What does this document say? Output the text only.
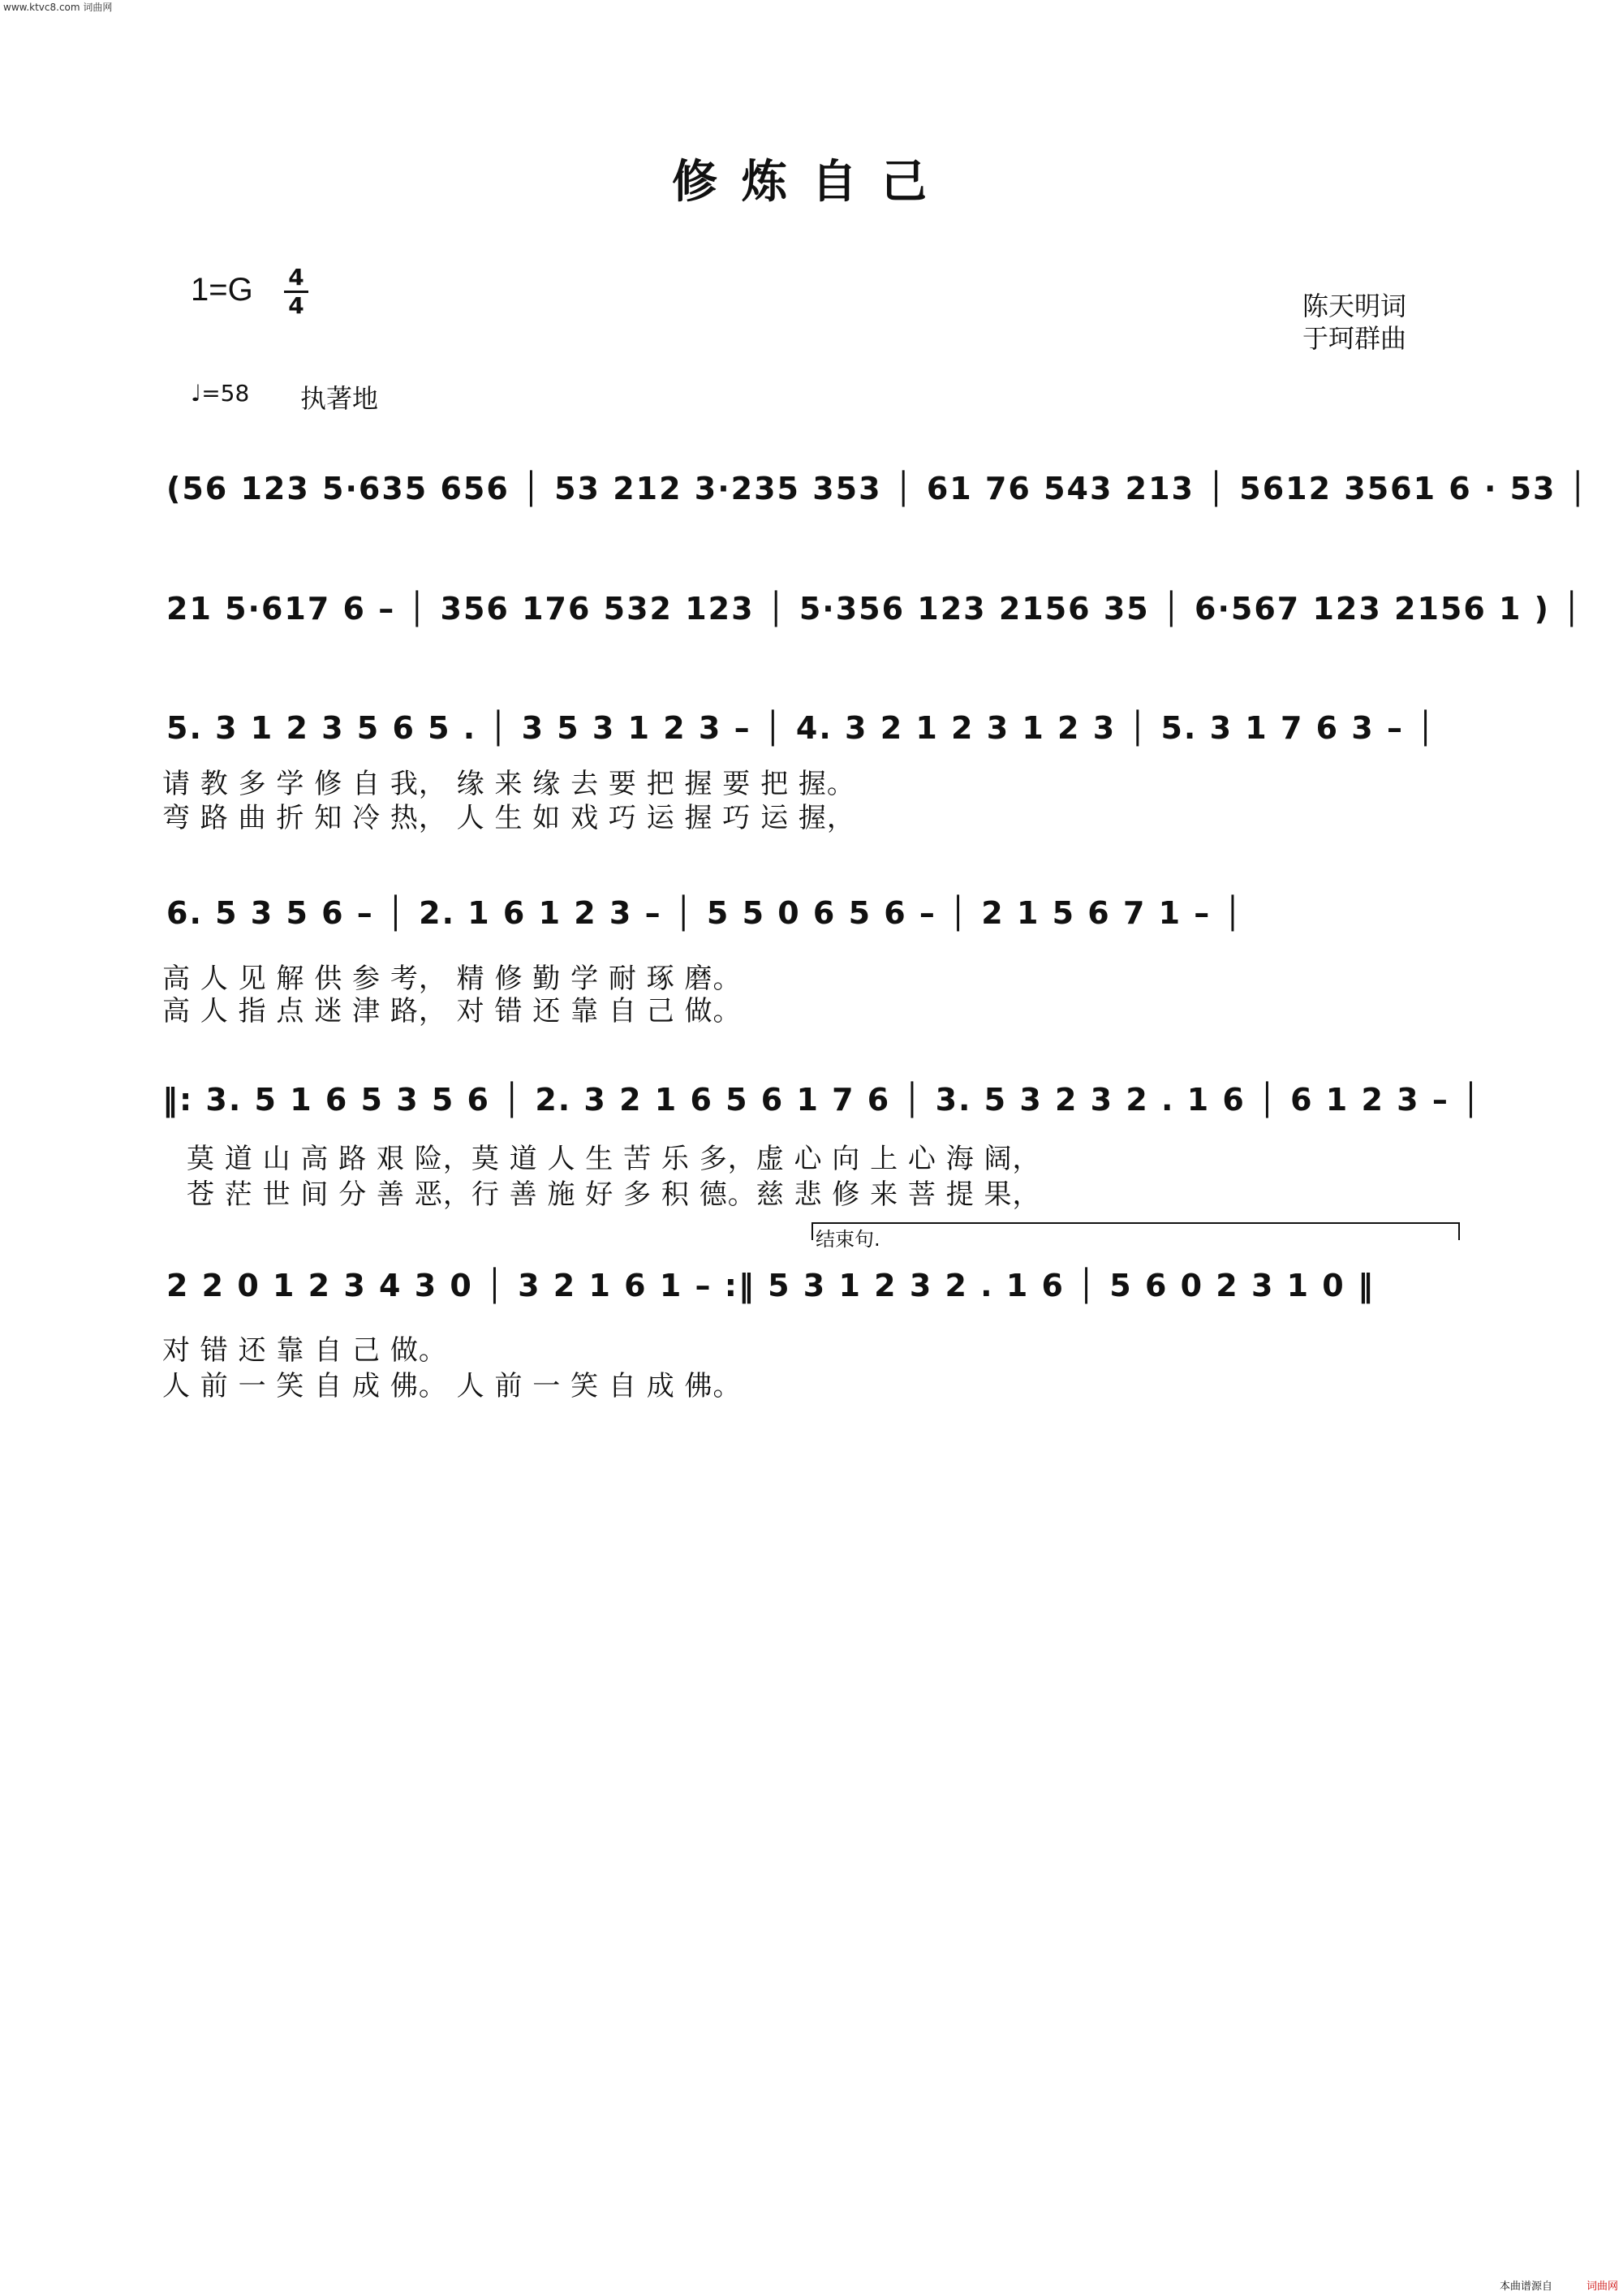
www.ktvc8.com 词曲网
修炼自己
1=G 4
4	陈天明词
于珂群曲
♩=58 执著地
(56 123 5·635 656 │ 53 212 3·235 353 │ 61 76 543 213 │ 5612 3561 6 · 53 │
21 5·617 6 – │ 356 176 532 123 │ 5·356 123 2156 35 │ 6·567 123 2156 1 ) │
5. 3 1 2 3 5 6 5 . │ 3 5 3 1 2 3 – │ 4. 3 2 1 2 3 1 2 3 │ 5. 3 1 7 6 3 – │
请 教 多 学 修 自 我， 缘 来 缘 去 要 把 握 要 把 握。
弯 路 曲 折 知 冷 热， 人 生 如 戏 巧 运 握 巧 运 握，
6. 5 3 5 6 – │ 2. 1 6 1 2 3 – │ 5 5 0 6 5 6 – │ 2 1 5 6 7 1 – │
高 人 见 解 供 参 考， 精 修 勤 学 耐 琢 磨。
高 人 指 点 迷 津 路， 对 错 还 靠 自 己 做。
‖: 3. 5 1 6 5 3 5 6 │ 2. 3 2 1 6 5 6 1 7 6 │ 3. 5 3 2 3 2 . 1 6 │ 6 1 2 3 – │
莫 道 山 高 路 艰 险，莫 道 人 生 苦 乐 多，虚 心 向 上 心 海 阔，
苍 茫 世 间 分 善 恶，行 善 施 好 多 积 德。慈 悲 修 来 菩 提 果，
结束句.
2 2 0 1 2 3 4 3 0 │ 3 2 1 6 1 – :‖ 5 3 1 2 3 2 . 1 6 │ 5 6 0 2 3 1 0 ‖
对 错 还 靠 自 己 做。
人 前 一 笑 自 成 佛。 人 前 一 笑 自 成 佛。
本曲谱源自	词曲网
